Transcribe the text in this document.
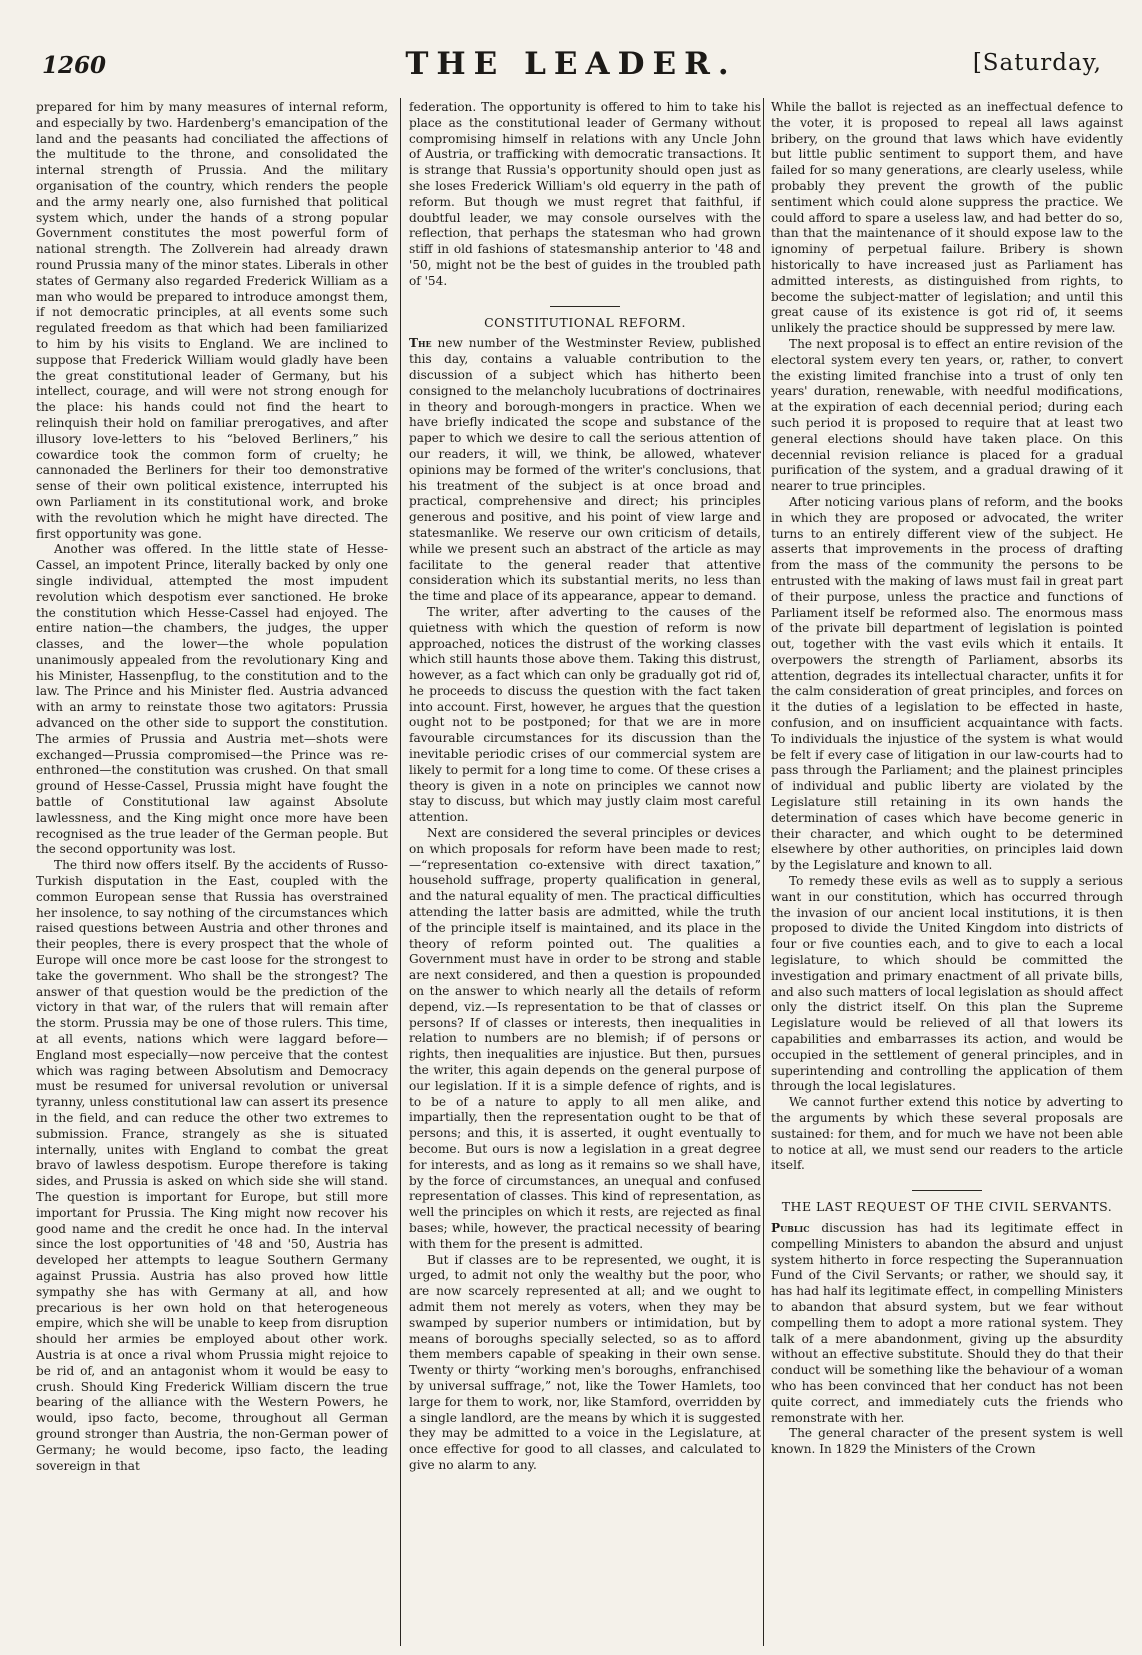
1260	THE LEADER.	[Saturday,

prepared for him by many measures of internal reform, and especially by two. Hardenberg's emancipation of the land and the peasants had conciliated the affections of the multitude to the throne, and consolidated the internal strength of Prussia. And the military organisation of the country, which renders the people and the army nearly one, also furnished that political system which, under the hands of a strong popular Government constitutes the most powerful form of national strength. The Zollverein had already drawn round Prussia many of the minor states. Liberals in other states of Germany also regarded Frederick William as a man who would be prepared to introduce amongst them, if not democratic principles, at all events some such regulated freedom as that which had been familiarized to him by his visits to England. We are inclined to suppose that Frederick William would gladly have been the great constitutional leader of Germany, but his intellect, courage, and will were not strong enough for the place: his hands could not find the heart to relinquish their hold on familiar prerogatives, and after illusory love-letters to his “beloved Berliners,” his cowardice took the common form of cruelty; he cannonaded the Berliners for their too demonstrative sense of their own political existence, interrupted his own Parliament in its constitutional work, and broke with the revolution which he might have directed. The first opportunity was gone.

Another was offered. In the little state of Hesse-Cassel, an impotent Prince, literally backed by only one single individual, attempted the most impudent revolution which despotism ever sanctioned. He broke the constitution which Hesse-Cassel had enjoyed. The entire nation—the chambers, the judges, the upper classes, and the lower—the whole population unanimously appealed from the revolutionary King and his Minister, Hassenpflug, to the constitution and to the law. The Prince and his Minister fled. Austria advanced with an army to reinstate those two agitators: Prussia advanced on the other side to support the constitution. The armies of Prussia and Austria met—shots were exchanged—Prussia compromised—the Prince was re-enthroned—the constitution was crushed. On that small ground of Hesse-Cassel, Prussia might have fought the battle of Constitutional law against Absolute lawlessness, and the King might once more have been recognised as the true leader of the German people. But the second opportunity was lost.

The third now offers itself. By the accidents of Russo-Turkish disputation in the East, coupled with the common European sense that Russia has overstrained her insolence, to say nothing of the circumstances which raised questions between Austria and other thrones and their peoples, there is every prospect that the whole of Europe will once more be cast loose for the strongest to take the government. Who shall be the strongest? The answer of that question would be the prediction of the victory in that war, of the rulers that will remain after the storm. Prussia may be one of those rulers. This time, at all events, nations which were laggard before—England most especially—now perceive that the contest which was raging between Absolutism and Democracy must be resumed for universal revolution or universal tyranny, unless constitutional law can assert its presence in the field, and can reduce the other two extremes to submission. France, strangely as she is situated internally, unites with England to combat the great bravo of lawless despotism. Europe therefore is taking sides, and Prussia is asked on which side she will stand. The question is important for Europe, but still more important for Prussia. The King might now recover his good name and the credit he once had. In the interval since the lost opportunities of '48 and '50, Austria has developed her attempts to league Southern Germany against Prussia. Austria has also proved how little sympathy she has with Germany at all, and how precarious is her own hold on that heterogeneous empire, which she will be unable to keep from disruption should her armies be employed about other work. Austria is at once a rival whom Prussia might rejoice to be rid of, and an antagonist whom it would be easy to crush. Should King Frederick William discern the true bearing of the alliance with the Western Powers, he would, ipso facto, become, throughout all German ground stronger than Austria, the non-German power of Germany; he would become, ipso facto, the leading sovereign in that

federation. The opportunity is offered to him to take his place as the constitutional leader of Germany without compromising himself in relations with any Uncle John of Austria, or trafficking with democratic transactions. It is strange that Russia's opportunity should open just as she loses Frederick William's old equerry in the path of reform. But though we must regret that faithful, if doubtful leader, we may console ourselves with the reflection, that perhaps the statesman who had grown stiff in old fashions of statesmanship anterior to '48 and '50, might not be the best of guides in the troubled path of '54.

CONSTITUTIONAL REFORM.

The new number of the Westminster Review, published this day, contains a valuable contribution to the discussion of a subject which has hitherto been consigned to the melancholy lucubrations of doctrinaires in theory and borough-mongers in practice. When we have briefly indicated the scope and substance of the paper to which we desire to call the serious attention of our readers, it will, we think, be allowed, whatever opinions may be formed of the writer's conclusions, that his treatment of the subject is at once broad and practical, comprehensive and direct; his principles generous and positive, and his point of view large and statesmanlike. We reserve our own criticism of details, while we present such an abstract of the article as may facilitate to the general reader that attentive consideration which its substantial merits, no less than the time and place of its appearance, appear to demand.

The writer, after adverting to the causes of the quietness with which the question of reform is now approached, notices the distrust of the working classes which still haunts those above them. Taking this distrust, however, as a fact which can only be gradually got rid of, he proceeds to discuss the question with the fact taken into account. First, however, he argues that the question ought not to be postponed; for that we are in more favourable circumstances for its discussion than the inevitable periodic crises of our commercial system are likely to permit for a long time to come. Of these crises a theory is given in a note on principles we cannot now stay to discuss, but which may justly claim most careful attention.

Next are considered the several principles or devices on which proposals for reform have been made to rest;—“representation co-extensive with direct taxation,” household suffrage, property qualification in general, and the natural equality of men. The practical difficulties attending the latter basis are admitted, while the truth of the principle itself is maintained, and its place in the theory of reform pointed out. The qualities a Government must have in order to be strong and stable are next considered, and then a question is propounded on the answer to which nearly all the details of reform depend, viz.—Is representation to be that of classes or persons? If of classes or interests, then inequalities in relation to numbers are no blemish; if of persons or rights, then inequalities are injustice. But then, pursues the writer, this again depends on the general purpose of our legislation. If it is a simple defence of rights, and is to be of a nature to apply to all men alike, and impartially, then the representation ought to be that of persons; and this, it is asserted, it ought eventually to become. But ours is now a legislation in a great degree for interests, and as long as it remains so we shall have, by the force of circumstances, an unequal and confused representation of classes. This kind of representation, as well the principles on which it rests, are rejected as final bases; while, however, the practical necessity of bearing with them for the present is admitted.

But if classes are to be represented, we ought, it is urged, to admit not only the wealthy but the poor, who are now scarcely represented at all; and we ought to admit them not merely as voters, when they may be swamped by superior numbers or intimidation, but by means of boroughs specially selected, so as to afford them members capable of speaking in their own sense. Twenty or thirty “working men's boroughs, enfranchised by universal suffrage,” not, like the Tower Hamlets, too large for them to work, nor, like Stamford, overridden by a single landlord, are the means by which it is suggested they may be admitted to a voice in the Legislature, at once effective for good to all classes, and calculated to give no alarm to any.

While the ballot is rejected as an ineffectual defence to the voter, it is proposed to repeal all laws against bribery, on the ground that laws which have evidently but little public sentiment to support them, and have failed for so many generations, are clearly useless, while probably they prevent the growth of the public sentiment which could alone suppress the practice. We could afford to spare a useless law, and had better do so, than that the maintenance of it should expose law to the ignominy of perpetual failure. Bribery is shown historically to have increased just as Parliament has admitted interests, as distinguished from rights, to become the subject-matter of legislation; and until this great cause of its existence is got rid of, it seems unlikely the practice should be suppressed by mere law.

The next proposal is to effect an entire revision of the electoral system every ten years, or, rather, to convert the existing limited franchise into a trust of only ten years' duration, renewable, with needful modifications, at the expiration of each decennial period; during each such period it is proposed to require that at least two general elections should have taken place. On this decennial revision reliance is placed for a gradual purification of the system, and a gradual drawing of it nearer to true principles.

After noticing various plans of reform, and the books in which they are proposed or advocated, the writer turns to an entirely different view of the subject. He asserts that improvements in the process of drafting from the mass of the community the persons to be entrusted with the making of laws must fail in great part of their purpose, unless the practice and functions of Parliament itself be reformed also. The enormous mass of the private bill department of legislation is pointed out, together with the vast evils which it entails. It overpowers the strength of Parliament, absorbs its attention, degrades its intellectual character, unfits it for the calm consideration of great principles, and forces on it the duties of a legislation to be effected in haste, confusion, and on insufficient acquaintance with facts. To individuals the injustice of the system is what would be felt if every case of litigation in our law-courts had to pass through the Parliament; and the plainest principles of individual and public liberty are violated by the Legislature still retaining in its own hands the determination of cases which have become generic in their character, and which ought to be determined elsewhere by other authorities, on principles laid down by the Legislature and known to all.

To remedy these evils as well as to supply a serious want in our constitution, which has occurred through the invasion of our ancient local institutions, it is then proposed to divide the United Kingdom into districts of four or five counties each, and to give to each a local legislature, to which should be committed the investigation and primary enactment of all private bills, and also such matters of local legislation as should affect only the district itself. On this plan the Supreme Legislature would be relieved of all that lowers its capabilities and embarrasses its action, and would be occupied in the settlement of general principles, and in superintending and controlling the application of them through the local legislatures.

We cannot further extend this notice by adverting to the arguments by which these several proposals are sustained: for them, and for much we have not been able to notice at all, we must send our readers to the article itself.

THE LAST REQUEST OF THE CIVIL SERVANTS.

Public discussion has had its legitimate effect in compelling Ministers to abandon the absurd and unjust system hitherto in force respecting the Superannuation Fund of the Civil Servants; or rather, we should say, it has had half its legitimate effect, in compelling Ministers to abandon that absurd system, but we fear without compelling them to adopt a more rational system. They talk of a mere abandonment, giving up the absurdity without an effective substitute. Should they do that their conduct will be something like the behaviour of a woman who has been convinced that her conduct has not been quite correct, and immediately cuts the friends who remonstrate with her.

The general character of the present system is well known. In 1829 the Ministers of the Crown
